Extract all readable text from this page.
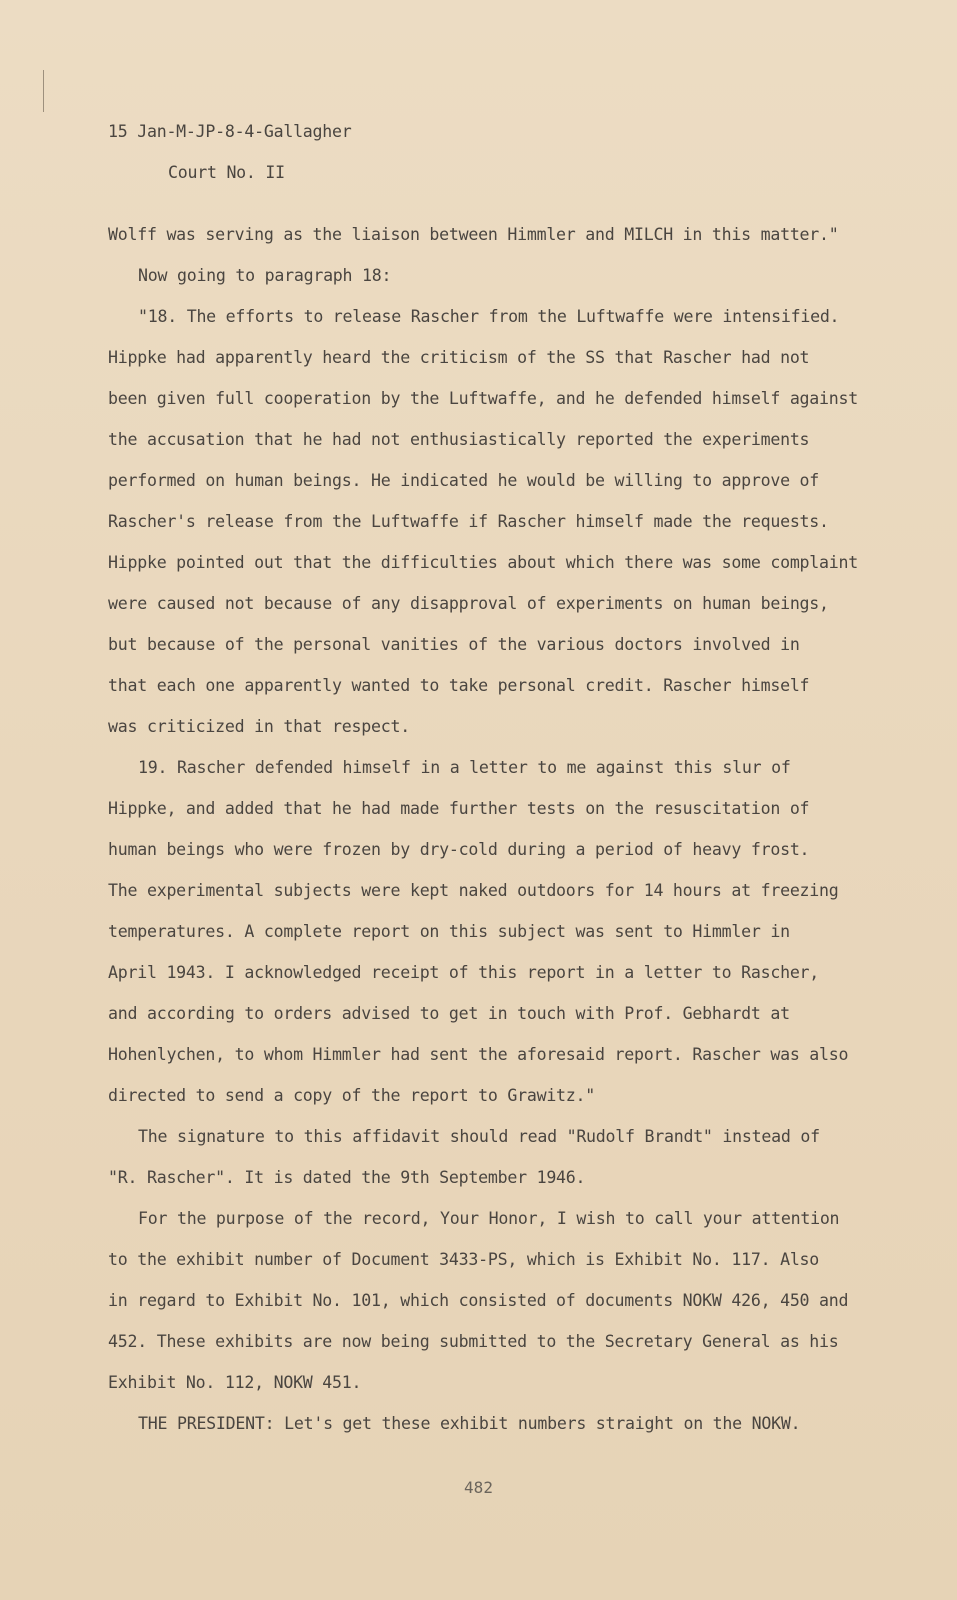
15 Jan-M-JP-8-4-Gallagher
Court No. II
Wolff was serving as the liaison between Himmler and MILCH in this matter."
Now going to paragraph 18:
"18. The efforts to release Rascher from the Luftwaffe were intensified.
Hippke had apparently heard the criticism of the SS that Rascher had not
been given full cooperation by the Luftwaffe, and he defended himself against
the accusation that he had not enthusiastically reported the experiments
performed on human beings. He indicated he would be willing to approve of
Rascher's release from the Luftwaffe if Rascher himself made the requests.
Hippke pointed out that the difficulties about which there was some complaint
were caused not because of any disapproval of experiments on human beings,
but because of the personal vanities of the various doctors involved in
that each one apparently wanted to take personal credit. Rascher himself
was criticized in that respect.
19. Rascher defended himself in a letter to me against this slur of
Hippke, and added that he had made further tests on the resuscitation of
human beings who were frozen by dry-cold during a period of heavy frost.
The experimental subjects were kept naked outdoors for 14 hours at freezing
temperatures. A complete report on this subject was sent to Himmler in
April 1943. I acknowledged receipt of this report in a letter to Rascher,
and according to orders advised to get in touch with Prof. Gebhardt at
Hohenlychen, to whom Himmler had sent the aforesaid report. Rascher was also
directed to send a copy of the report to Grawitz."
The signature to this affidavit should read "Rudolf Brandt" instead of
"R. Rascher". It is dated the 9th September 1946.
For the purpose of the record, Your Honor, I wish to call your attention
to the exhibit number of Document 3433-PS, which is Exhibit No. 117. Also
in regard to Exhibit No. 101, which consisted of documents NOKW 426, 450 and
452. These exhibits are now being submitted to the Secretary General as his
Exhibit No. 112, NOKW 451.
THE PRESIDENT: Let's get these exhibit numbers straight on the NOKW.
482
